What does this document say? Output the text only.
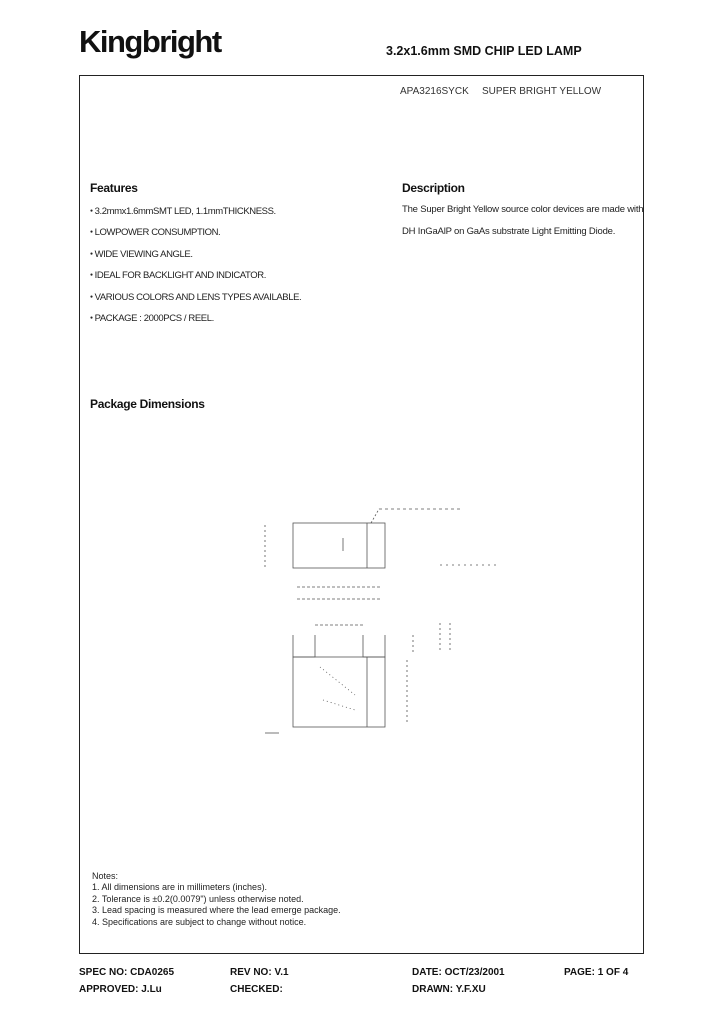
Kingbright	3.2x1.6mm SMD CHIP LED LAMP
APA3216SYCK SUPER BRIGHT YELLOW
Features
● 3.2mmx1.6mmSMT LED, 1.1mmTHICKNESS.
● LOWPOWER CONSUMPTION.
● WIDE VIEWING ANGLE.
● IDEAL FOR BACKLIGHT AND INDICATOR.
● VARIOUS COLORS AND LENS TYPES AVAILABLE.
● PACKAGE : 2000PCS / REEL.
Description
The Super Bright Yellow source color devices are made with DH InGaAlP on GaAs substrate Light Emitting Diode.
Package Dimensions
Notes:
1. All dimensions are in millimeters (inches).
2. Tolerance is ±0.2(0.0079") unless otherwise noted.
3. Lead spacing is measured where the lead emerge package.
4. Specifications are subject to change without notice.
SPEC NO: CDA0265	REV NO: V.1	DATE: OCT/23/2001	PAGE: 1 OF 4
APPROVED: J.Lu	CHECKED:	DRAWN: Y.F.XU
